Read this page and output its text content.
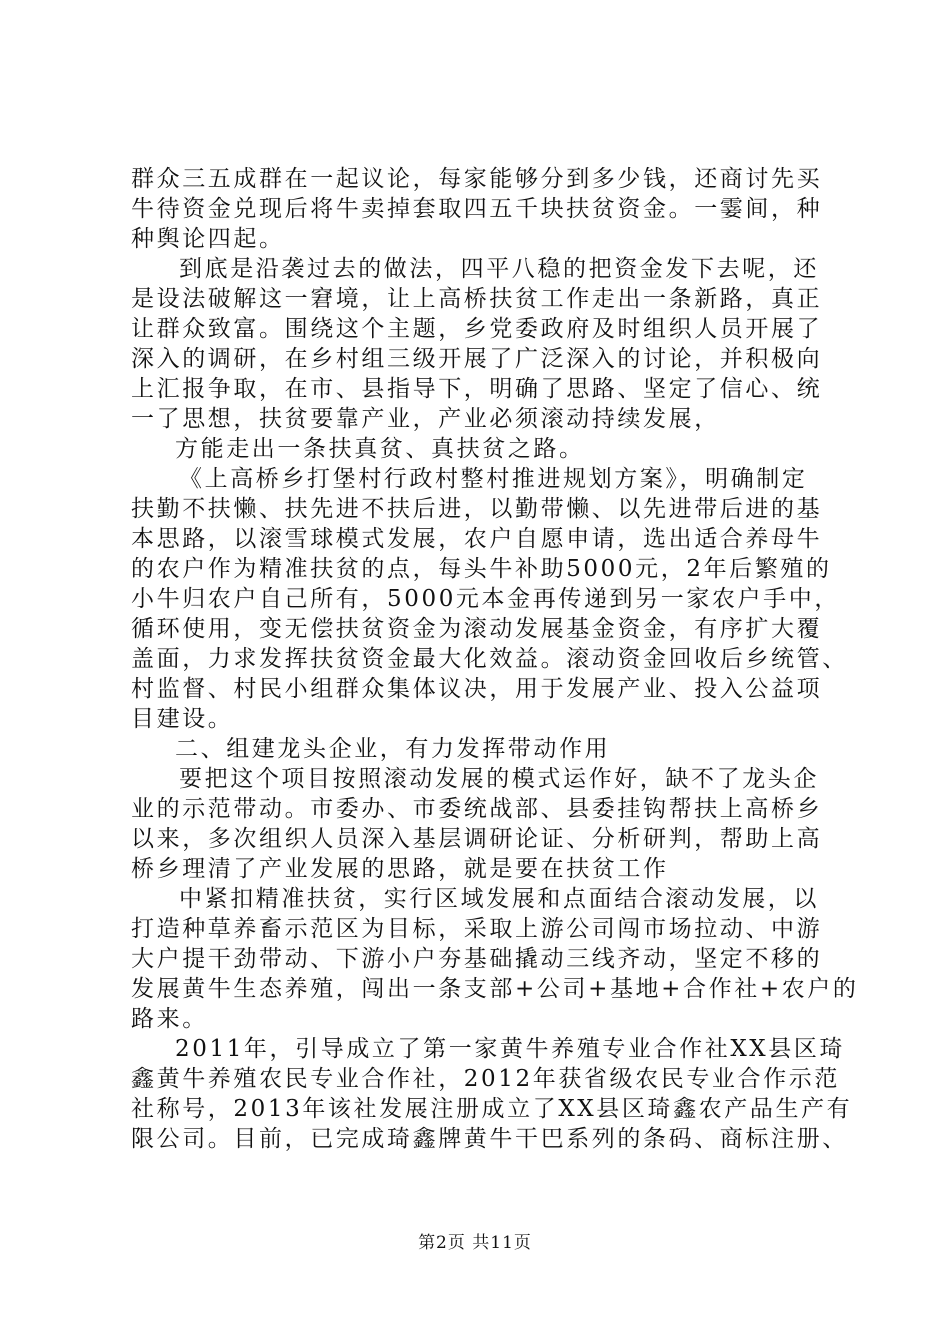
群众三五成群在一起议论，每家能够分到多少钱，还商讨先买
牛待资金兑现后将牛卖掉套取四五千块扶贫资金。一霎间，种
种舆论四起。
到底是沿袭过去的做法，四平八稳的把资金发下去呢，还
是设法破解这一窘境，让上高桥扶贫工作走出一条新路，真正
让群众致富。围绕这个主题，乡党委政府及时组织人员开展了
深入的调研，在乡村组三级开展了广泛深入的讨论，并积极向
上汇报争取，在市、县指导下，明确了思路、坚定了信心、统
一了思想，扶贫要靠产业，产业必须滚动持续发展，
方能走出一条扶真贫、真扶贫之路。
《上高桥乡打堡村行政村整村推进规划方案》，明确制定
扶勤不扶懒、扶先进不扶后进，以勤带懒、以先进带后进的基
本思路，以滚雪球模式发展，农户自愿申请，选出适合养母牛
的农户作为精准扶贫的点，每头牛补助5000元，2年后繁殖的
小牛归农户自己所有，5000元本金再传递到另一家农户手中，
循环使用，变无偿扶贫资金为滚动发展基金资金，有序扩大覆
盖面，力求发挥扶贫资金最大化效益。滚动资金回收后乡统管、
村监督、村民小组群众集体议决，用于发展产业、投入公益项
目建设。
二、组建龙头企业，有力发挥带动作用
要把这个项目按照滚动发展的模式运作好，缺不了龙头企
业的示范带动。市委办、市委统战部、县委挂钩帮扶上高桥乡
以来，多次组织人员深入基层调研论证、分析研判，帮助上高
桥乡理清了产业发展的思路，就是要在扶贫工作
中紧扣精准扶贫，实行区域发展和点面结合滚动发展，以
打造种草养畜示范区为目标，采取上游公司闯市场拉动、中游
大户提干劲带动、下游小户夯基础撬动三线齐动，坚定不移的
发展黄牛生态养殖，闯出一条支部+公司+基地+合作社+农户的
路来。
2011年，引导成立了第一家黄牛养殖专业合作社XX县区琦
鑫黄牛养殖农民专业合作社，2012年获省级农民专业合作示范
社称号，2013年该社发展注册成立了XX县区琦鑫农产品生产有
限公司。目前，已完成琦鑫牌黄牛干巴系列的条码、商标注册、
第2页 共11页
